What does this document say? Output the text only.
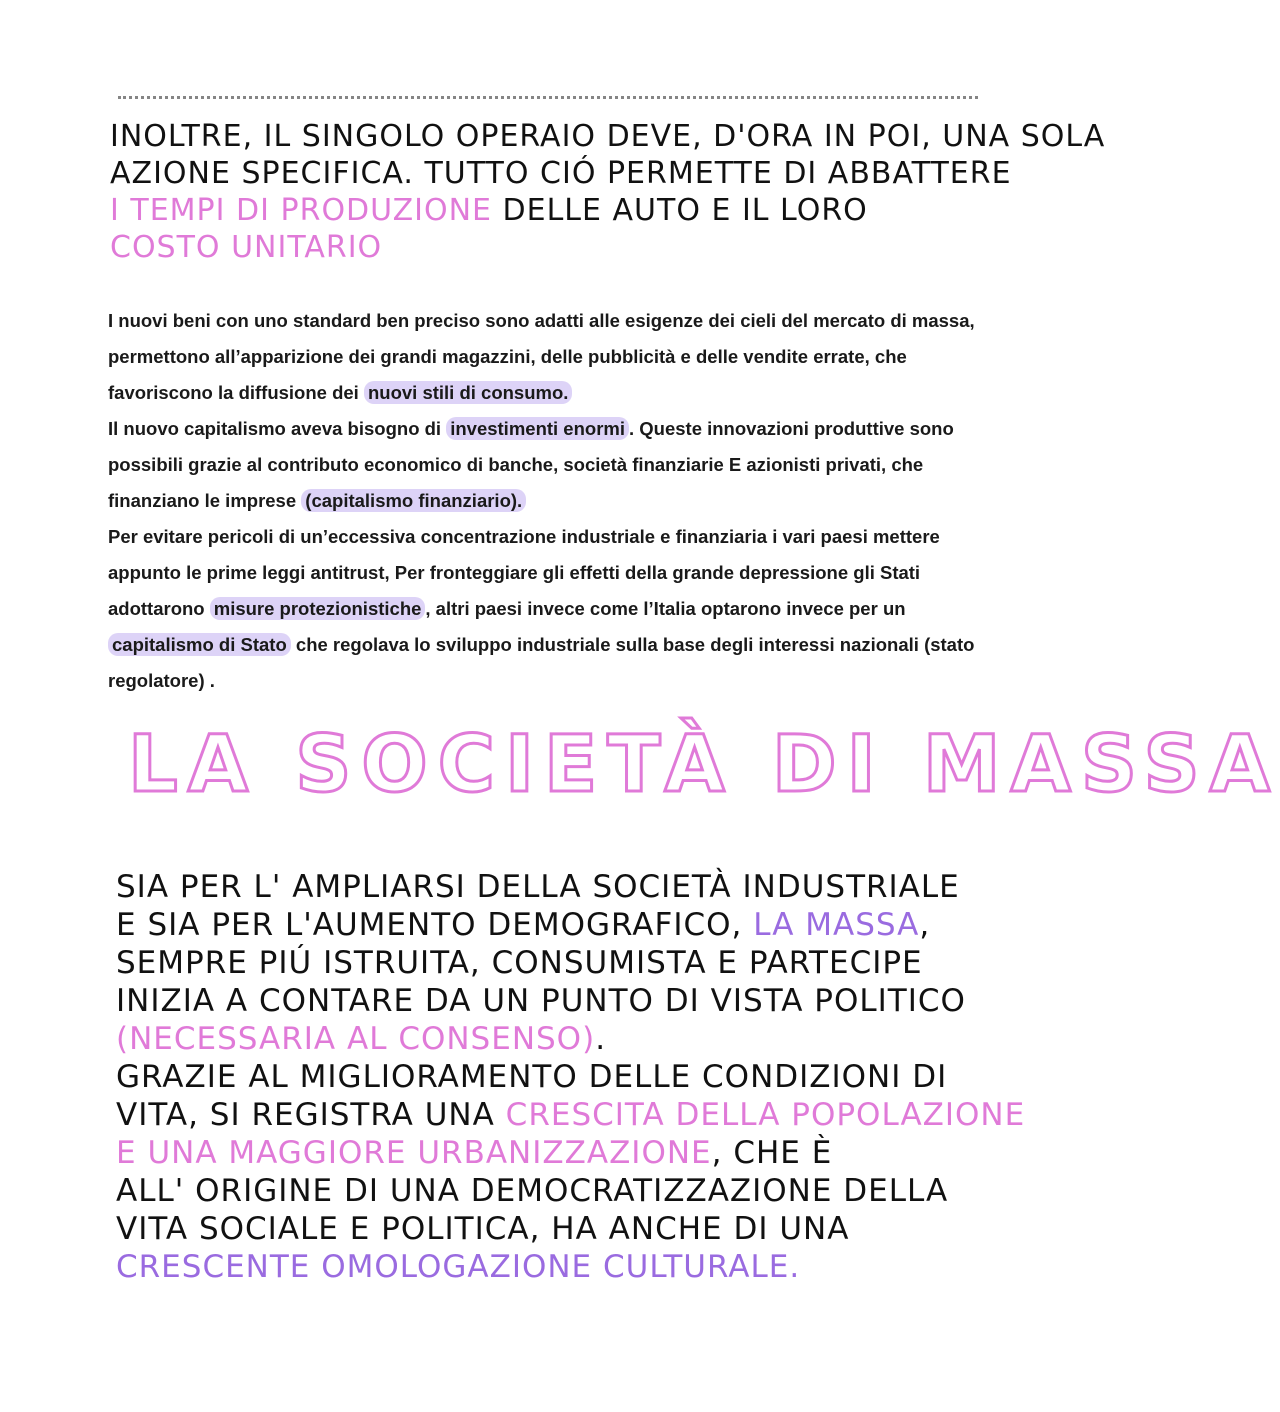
INOLTRE, IL SINGOLO OPERAIO DEVE, D'ORA IN POI, UNA SOLA
AZIONE SPECIFICA. TUTTO CIÓ PERMETTE DI ABBATTERE
I TEMPI DI PRODUZIONE DELLE AUTO E IL LORO
COSTO UNITARIO
I nuovi beni con uno standard ben preciso sono adatti alle esigenze dei cieli del mercato di massa, permettono all’apparizione dei grandi magazzini, delle pubblicità e delle vendite errate, che favoriscono la diffusione dei nuovi stili di consumo.
Il nuovo capitalismo aveva bisogno di investimenti enormi . Queste innovazioni produttive sono possibili grazie al contributo economico di banche, società finanziarie E azionisti privati, che finanziano le imprese (capitalismo finanziario).
Per evitare pericoli di un’eccessiva concentrazione industriale e finanziaria i vari paesi mettere appunto le prime leggi antitrust, Per fronteggiare gli effetti della grande depressione gli Stati adottarono misure protezionistiche , altri paesi invece come l’Italia optarono invece per un capitalismo di Stato che regolava lo sviluppo industriale sulla base degli interessi nazionali (stato regolatore) .
LA SOCIETÀ DI MASSA
SIA PER L' AMPLIARSI DELLA SOCIETÀ INDUSTRIALE
E SIA PER L'AUMENTO DEMOGRAFICO, LA MASSA,
SEMPRE PIÚ ISTRUITA, CONSUMISTA E PARTECIPE
INIZIA A CONTARE DA UN PUNTO DI VISTA POLITICO
(NECESSARIA AL CONSENSO).
GRAZIE AL MIGLIORAMENTO DELLE CONDIZIONI DI
VITA, SI REGISTRA UNA CRESCITA DELLA POPOLAZIONE
E UNA MAGGIORE URBANIZZAZIONE, CHE È
ALL' ORIGINE DI UNA DEMOCRATIZZAZIONE DELLA
VITA SOCIALE E POLITICA, HA ANCHE DI UNA
CRESCENTE OMOLOGAZIONE CULTURALE.
